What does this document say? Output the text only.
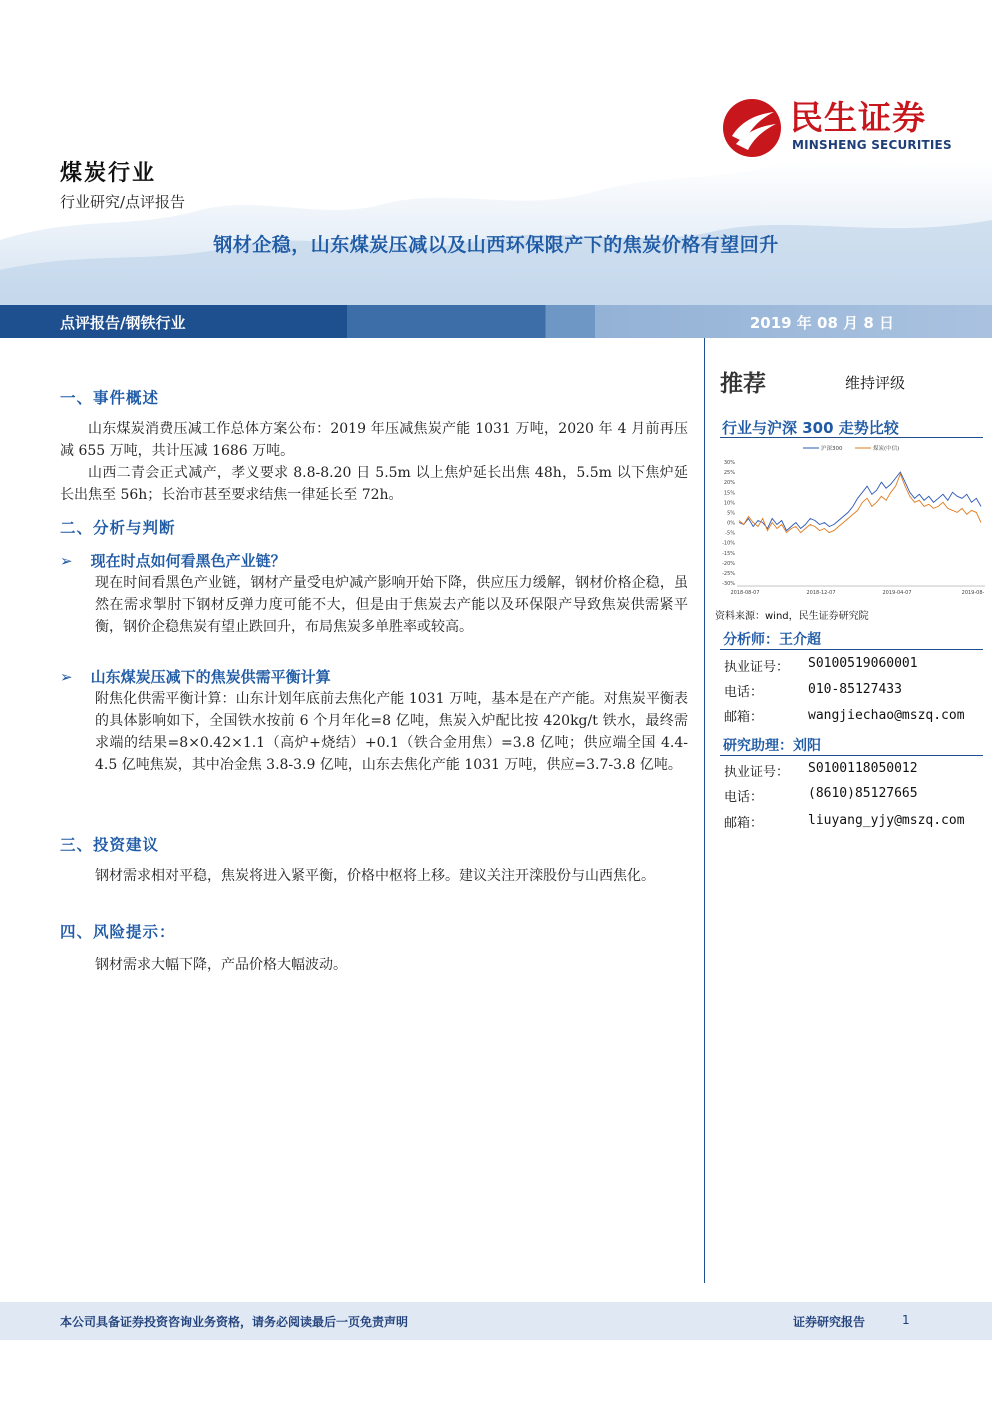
民生证券
MINSHENG SECURITIES
煤炭行业
行业研究/点评报告
钢材企稳，山东煤炭压减以及山西环保限产下的焦炭价格有望回升
点评报告/钢铁行业	2019 年 08 月 8 日
一、事件概述
山东煤炭消费压减工作总体方案公布：2019 年压减焦炭产能 1031 万吨，2020 年 4 月前再压减 655 万吨，共计压减 1686 万吨。
山西二青会正式减产，孝义要求 8.8-8.20 日 5.5m 以上焦炉延长出焦 48h，5.5m 以下焦炉延长出焦至 56h；长治市甚至要求结焦一律延长至 72h。
二、分析与判断
➢ 现在时点如何看黑色产业链？
现在时间看黑色产业链，钢材产量受电炉减产影响开始下降，供应压力缓解，钢材价格企稳，虽然在需求掣肘下钢材反弹力度可能不大，但是由于焦炭去产能以及环保限产导致焦炭供需紧平衡，钢价企稳焦炭有望止跌回升，布局焦炭多单胜率或较高。
➢ 山东煤炭压减下的焦炭供需平衡计算
附焦化供需平衡计算：山东计划年底前去焦化产能 1031 万吨，基本是在产产能。对焦炭平衡表的具体影响如下，全国铁水按前 6 个月年化=8 亿吨，焦炭入炉配比按 420kg/t 铁水，最终需求端的结果=8×0.42×1.1（高炉+烧结）+0.1（铁合金用焦）=3.8 亿吨；供应端全国 4.4-4.5 亿吨焦炭，其中冶金焦 3.8-3.9 亿吨，山东去焦化产能 1031 万吨，供应=3.7-3.8 亿吨。
三、投资建议
钢材需求相对平稳，焦炭将进入紧平衡，价格中枢将上移。建议关注开滦股份与山西焦化。
四、风险提示：
钢材需求大幅下降，产品价格大幅波动。
推荐	维持评级
行业与沪深 300 走势比较
30%
25%
20%
15%
10%
5%
0%
-5%
-10%
-15%
-20%
-25%
-30%
2018-08-07	2018-12-07	2019-04-07	2019-08-
沪深300	煤炭(中信)
资料来源：wind，民生证券研究院
分析师：王介超
执业证号： S0100519060001
电话：	010-85127433
邮箱：	wangjiechao@mszq.com
研究助理：刘阳
执业证号： S0100118050012
电话：	(8610)85127665
邮箱：	liuyang_yjy@mszq.com
本公司具备证券投资咨询业务资格，请务必阅读最后一页免责声明	证券研究报告	1
